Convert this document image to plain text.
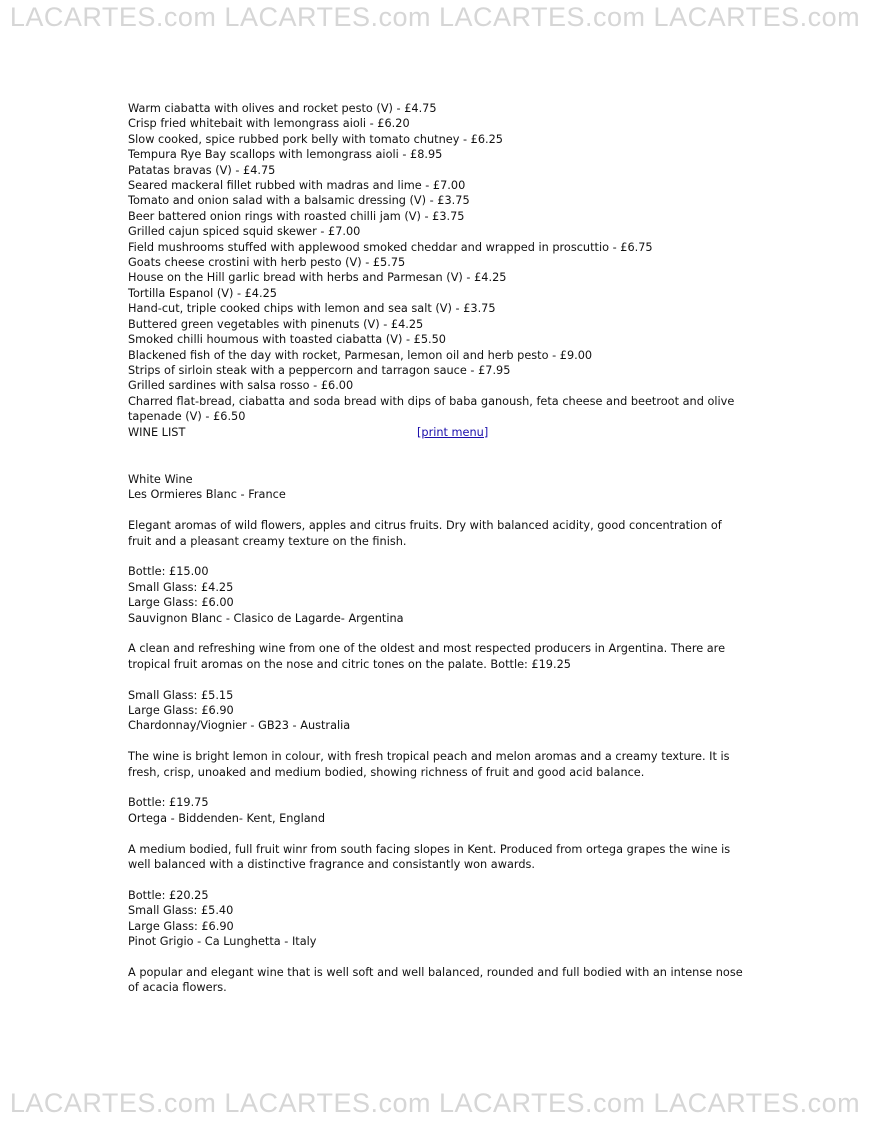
LACARTES.com LACARTES.com LACARTES.com LACARTES.com
Warm ciabatta with olives and rocket pesto (V) - £4.75
Crisp fried whitebait with lemongrass aioli - £6.20
Slow cooked, spice rubbed pork belly with tomato chutney - £6.25
Tempura Rye Bay scallops with lemongrass aioli - £8.95
Patatas bravas (V) - £4.75
Seared mackeral fillet rubbed with madras and lime - £7.00
Tomato and onion salad with a balsamic dressing (V) - £3.75
Beer battered onion rings with roasted chilli jam (V) - £3.75
Grilled cajun spiced squid skewer - £7.00
Field mushrooms stuffed with applewood smoked cheddar and wrapped in proscuttio - £6.75
Goats cheese crostini with herb pesto (V) - £5.75
House on the Hill garlic bread with herbs and Parmesan (V) - £4.25
Tortilla Espanol (V) - £4.25
Hand-cut, triple cooked chips with lemon and sea salt (V) - £3.75
Buttered green vegetables with pinenuts (V) - £4.25
Smoked chilli houmous with toasted ciabatta (V) - £5.50
Blackened fish of the day with rocket, Parmesan, lemon oil and herb pesto - £9.00
Strips of sirloin steak with a peppercorn and tarragon sauce - £7.95
Grilled sardines with salsa rosso - £6.00
Charred flat-bread, ciabatta and soda bread with dips of baba ganoush, feta cheese and beetroot and olive tapenade (V) - £6.50
WINE LIST	[print menu]
White Wine
Les Ormieres Blanc - France

Elegant aromas of wild flowers, apples and citrus fruits. Dry with balanced acidity, good concentration of fruit and a pleasant creamy texture on the finish.

Bottle: £15.00
Small Glass: £4.25
Large Glass: £6.00
Sauvignon Blanc - Clasico de Lagarde- Argentina

A clean and refreshing wine from one of the oldest and most respected producers in Argentina. There are tropical fruit aromas on the nose and citric tones on the palate. Bottle: £19.25

Small Glass: £5.15
Large Glass: £6.90
Chardonnay/Viognier - GB23 - Australia

The wine is bright lemon in colour, with fresh tropical peach and melon aromas and a creamy texture. It is fresh, crisp, unoaked and medium bodied, showing richness of fruit and good acid balance.

Bottle: £19.75
Ortega - Biddenden- Kent, England

A medium bodied, full fruit winr from south facing slopes in Kent. Produced from ortega grapes the wine is well balanced with a distinctive fragrance and consistantly won awards.

Bottle: £20.25
Small Glass: £5.40
Large Glass: £6.90
Pinot Grigio - Ca Lunghetta - Italy

A popular and elegant wine that is well soft and well balanced, rounded and full bodied with an intense nose of acacia flowers.

LACARTES.com LACARTES.com LACARTES.com LACARTES.com
